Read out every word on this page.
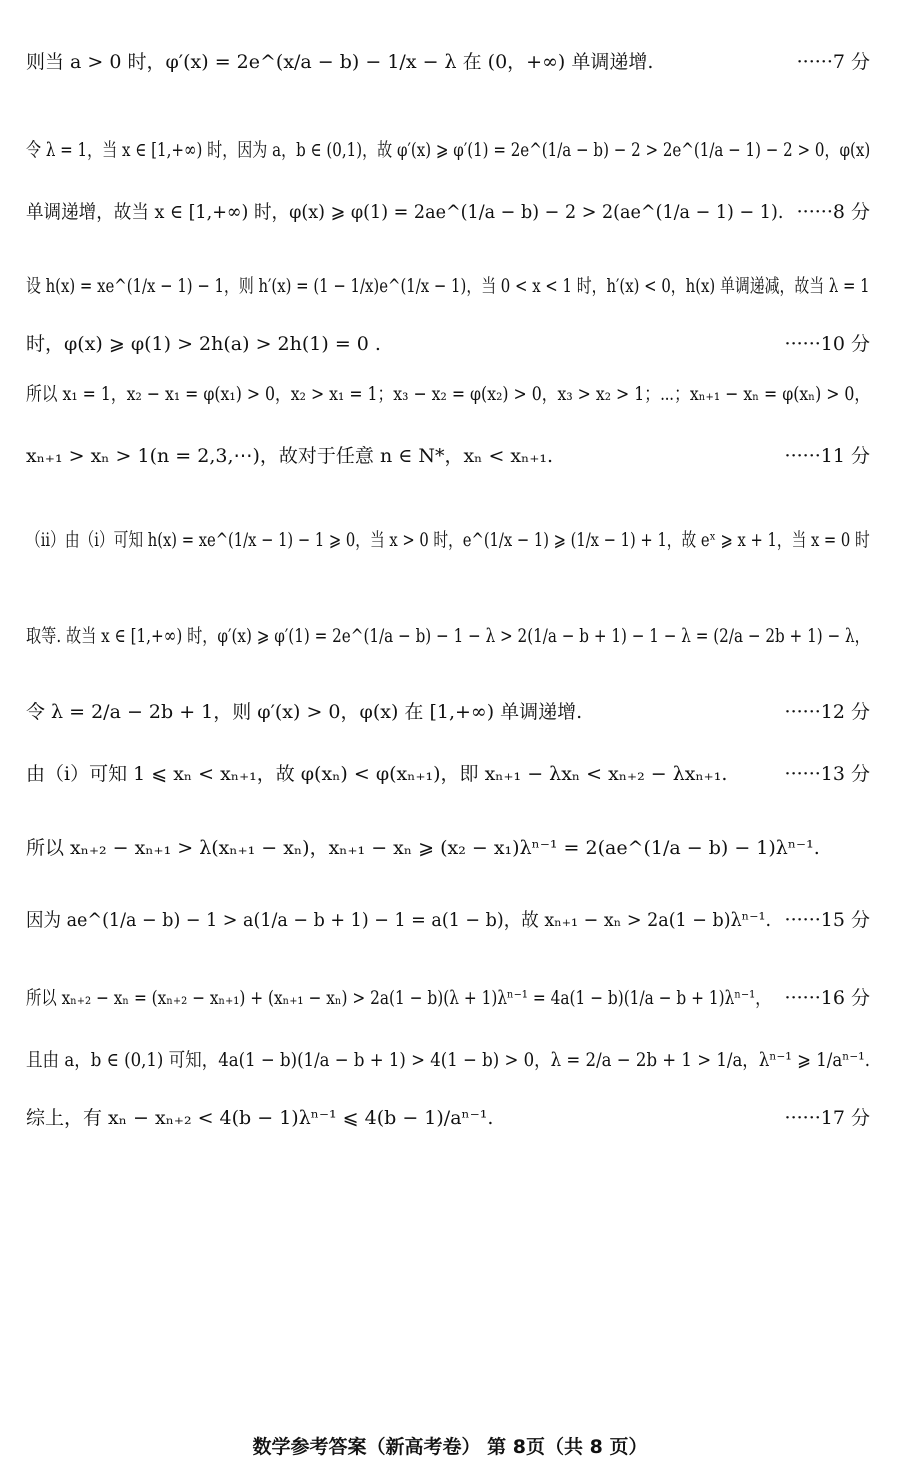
则当 a > 0 时，φ′(x) = 2e^(x/a − b) − 1/x − λ 在 (0，+∞) 单调递增.	······7 分
令 λ = 1，当 x ∈ [1,+∞) 时，因为 a，b ∈ (0,1)，故 φ′(x) ⩾ φ′(1) = 2e^(1/a − b) − 2 > 2e^(1/a − 1) − 2 > 0，φ(x)
单调递增，故当 x ∈ [1,+∞) 时，φ(x) ⩾ φ(1) = 2ae^(1/a − b) − 2 > 2(ae^(1/a − 1) − 1). ······8 分
设 h(x) = xe^(1/x − 1) − 1，则 h′(x) = (1 − 1/x)e^(1/x − 1)，当 0 < x < 1 时，h′(x) < 0，h(x) 单调递减，故当 λ = 1
时，φ(x) ⩾ φ(1) > 2h(a) > 2h(1) = 0 .	······10 分
所以 x₁ = 1，x₂ − x₁ = φ(x₁) > 0，x₂ > x₁ = 1；x₃ − x₂ = φ(x₂) > 0，x₃ > x₂ > 1；⋯；xₙ₊₁ − xₙ = φ(xₙ) > 0，
xₙ₊₁ > xₙ > 1(n = 2,3,⋯)，故对于任意 n ∈ N*，xₙ < xₙ₊₁.	······11 分
（ii）由（i）可知 h(x) = xe^(1/x − 1) − 1 ⩾ 0，当 x > 0 时，e^(1/x − 1) ⩾ (1/x − 1) + 1，故 eˣ ⩾ x + 1，当 x = 0 时
取等. 故当 x ∈ [1,+∞) 时，φ′(x) ⩾ φ′(1) = 2e^(1/a − b) − 1 − λ > 2(1/a − b + 1) − 1 − λ = (2/a − 2b + 1) − λ，
令 λ = 2/a − 2b + 1，则 φ′(x) > 0，φ(x) 在 [1,+∞) 单调递增.	······12 分
由（i）可知 1 ⩽ xₙ < xₙ₊₁，故 φ(xₙ) < φ(xₙ₊₁)，即 xₙ₊₁ − λxₙ < xₙ₊₂ − λxₙ₊₁.	······13 分
所以 xₙ₊₂ − xₙ₊₁ > λ(xₙ₊₁ − xₙ)，xₙ₊₁ − xₙ ⩾ (x₂ − x₁)λⁿ⁻¹ = 2(ae^(1/a − b) − 1)λⁿ⁻¹.
因为 ae^(1/a − b) − 1 > a(1/a − b + 1) − 1 = a(1 − b)，故 xₙ₊₁ − xₙ > 2a(1 − b)λⁿ⁻¹. ······15 分
所以 xₙ₊₂ − xₙ = (xₙ₊₂ − xₙ₊₁) + (xₙ₊₁ − xₙ) > 2a(1 − b)(λ + 1)λⁿ⁻¹ = 4a(1 − b)(1/a − b + 1)λⁿ⁻¹， ······16 分
且由 a，b ∈ (0,1) 可知，4a(1 − b)(1/a − b + 1) > 4(1 − b) > 0，λ = 2/a − 2b + 1 > 1/a，λⁿ⁻¹ ⩾ 1/aⁿ⁻¹.
综上，有 xₙ − xₙ₊₂ < 4(b − 1)λⁿ⁻¹ ⩽ 4(b − 1)/aⁿ⁻¹.	······17 分
数学参考答案（新高考卷） 第 8页（共 8 页）
